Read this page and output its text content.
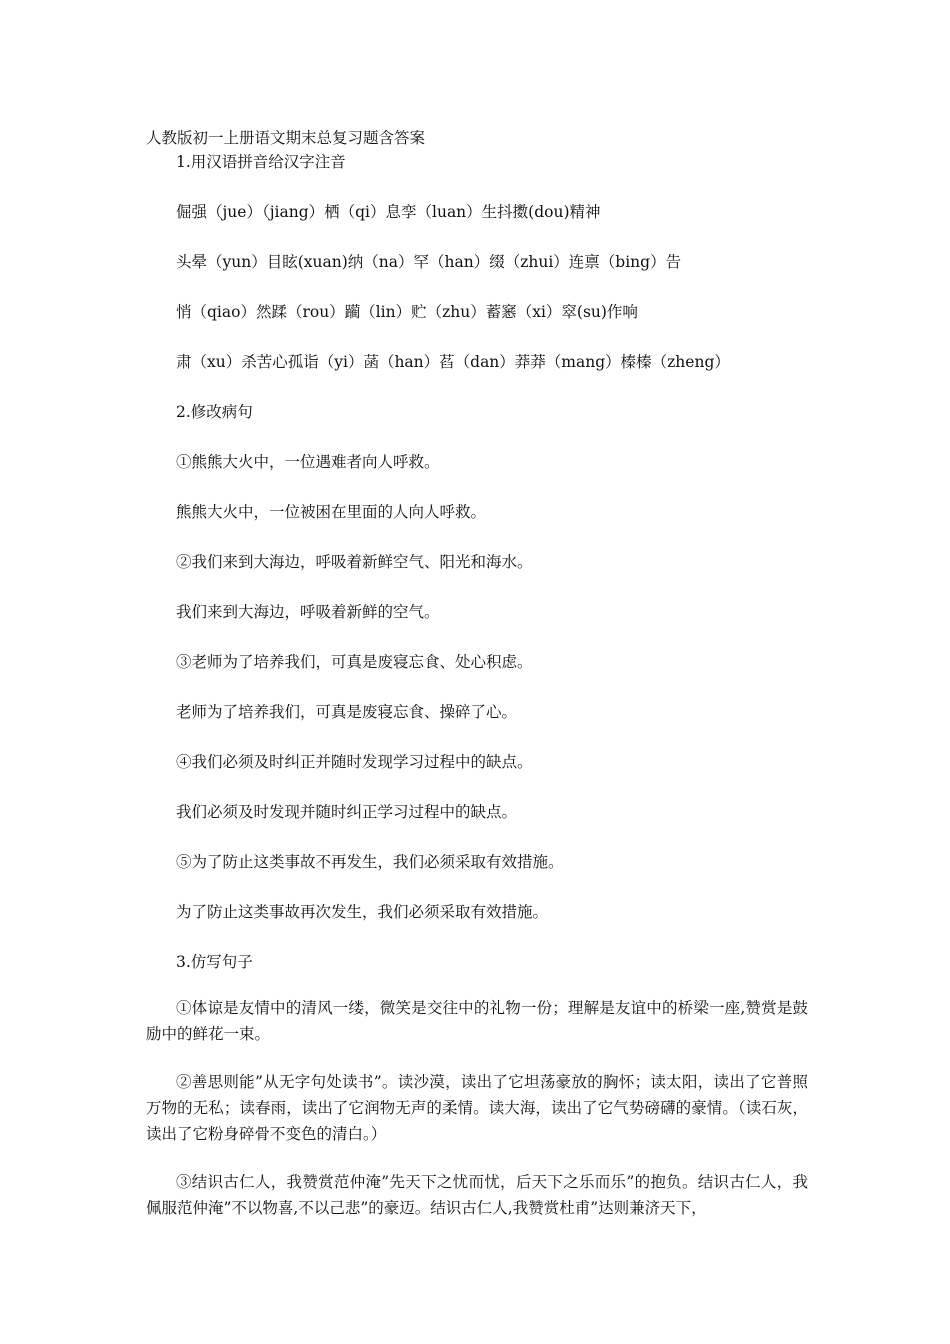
人教版初一上册语文期末总复习题含答案

1.用汉语拼音给汉字注音

倔强（jue）（jiang）栖（qi）息孪（luan）生抖擞(dou)精神

头晕（yun）目眩(xuan)纳（na）罕（han）缀（zhui）连禀（bing）告

悄（qiao）然蹂（rou）躏（lin）贮（zhu）蓄窸（xi）窣(su)作响

肃（xu）杀苦心孤诣（yi）菡（han）萏（dan）莽莽（mang）榛榛（zheng）

2.修改病句

①熊熊大火中，一位遇难者向人呼救。

熊熊大火中，一位被困在里面的人向人呼救。

②我们来到大海边，呼吸着新鲜空气、阳光和海水。

我们来到大海边，呼吸着新鲜的空气。

③老师为了培养我们，可真是废寝忘食、处心积虑。

老师为了培养我们，可真是废寝忘食、操碎了心。

④我们必须及时纠正并随时发现学习过程中的缺点。

我们必须及时发现并随时纠正学习过程中的缺点。

⑤为了防止这类事故不再发生，我们必须采取有效措施。

为了防止这类事故再次发生，我们必须采取有效措施。

3.仿写句子

①体谅是友情中的清风一缕，微笑是交往中的礼物一份；理解是友谊中的桥梁一座,赞赏是鼓励中的鲜花一束。

②善思则能”从无字句处读书”。读沙漠，读出了它坦荡豪放的胸怀；读太阳，读出了它普照万物的无私；读春雨，读出了它润物无声的柔情。读大海，读出了它气势磅礴的豪情。（读石灰，读出了它粉身碎骨不变色的清白。）

③结识古仁人，我赞赏范仲淹”先天下之忧而忧，后天下之乐而乐”的抱负。结识古仁人，我佩服范仲淹”不以物喜,不以己悲”的豪迈。结识古仁人,我赞赏杜甫”达则兼济天下，
